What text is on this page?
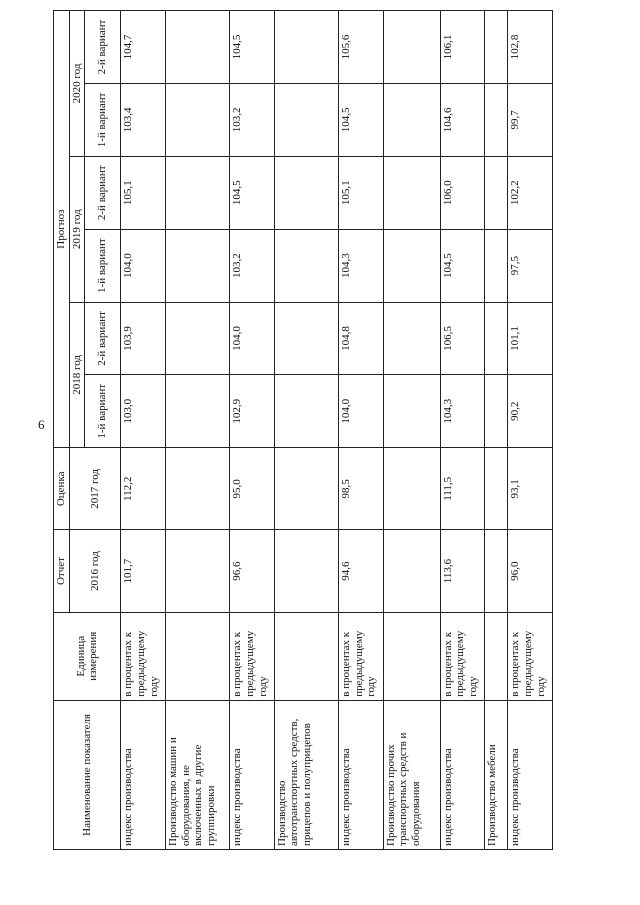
6
Наименование показателя	Единица измерения	Отчет	Оценка	Прогноз					
		2016 год	2017 год	2018 год		2019 год		2020 год	
				1-й вариант	2-й вариант	1-й вариант	2-й вариант	1-й вариант	2-й вариант
индекс производства	в процентах к предыдущему году	101,7	112,2	103,0	103,9	104,0	105,1	103,4	104,7
Производство машин и оборудования, не включенных в другие группировки									
индекс производства	в процентах к предыдущему году	96,6	95,0	102,9	104,0	103,2	104,5	103,2	104,5
Производство автотранспортных средств, прицепов и полуприцепов									
индекс производства	в процентах к предыдущему году	94,6	98,5	104,0	104,8	104,3	105,1	104,5	105,6
Производство прочих транспортных средств и оборудования									
индекс производства	в процентах к предыдущему году	113,6	111,5	104,3	106,5	104,5	106,0	104,6	106,1
Производство мебели									
индекс производства	в процентах к предыдущему году	96,0	93,1	90,2	101,1	97,5	102,2	99,7	102,8
